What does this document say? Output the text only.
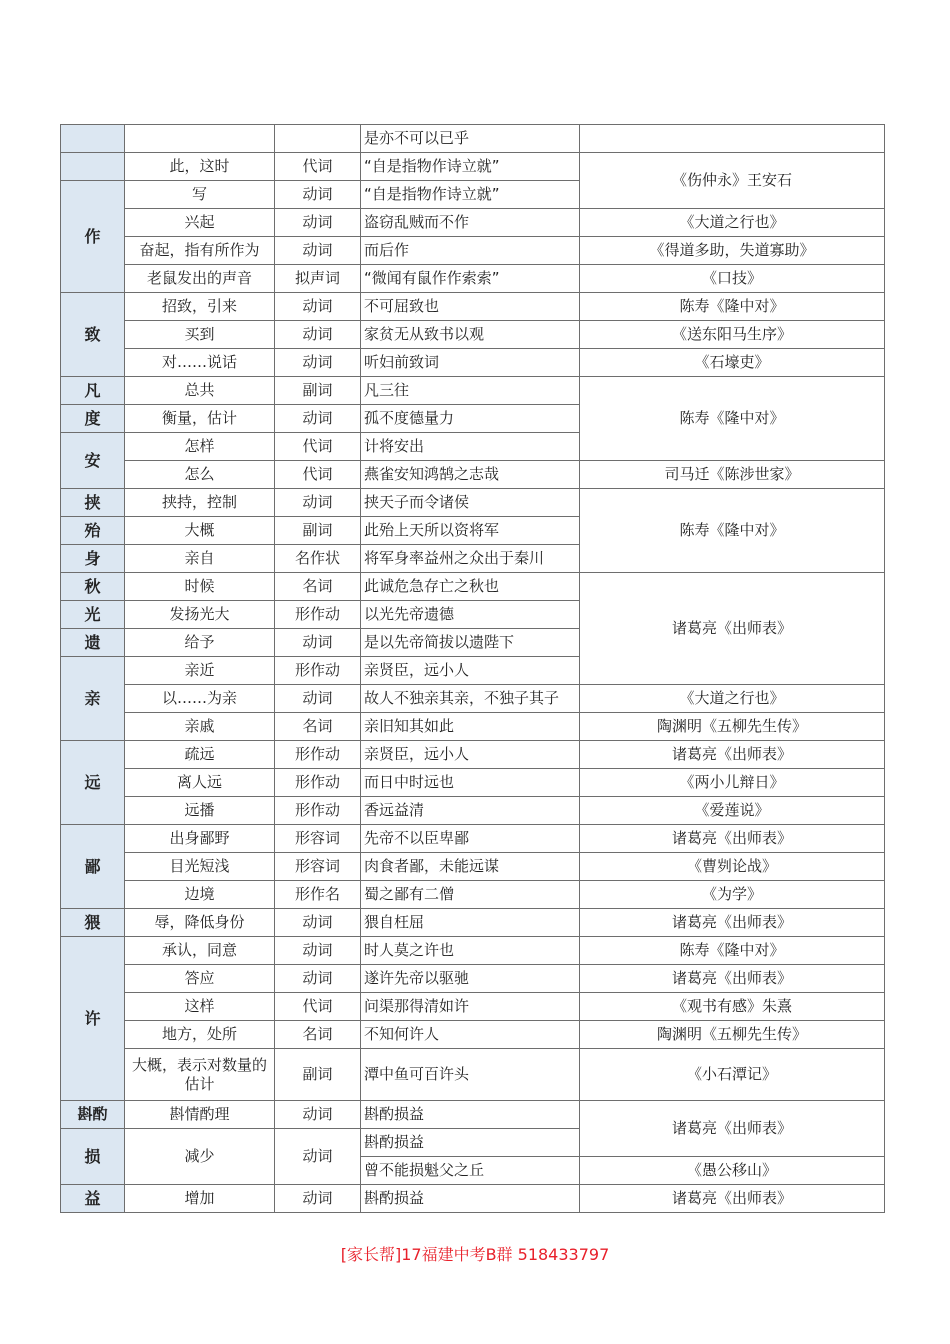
			是亦不可以已乎	
	此，这时	代词	“自是指物作诗立就”	《伤仲永》王安石
作	写	动词	“自是指物作诗立就”	
	兴起	动词	盗窃乱贼而不作	《大道之行也》
	奋起，指有所作为	动词	而后作	《得道多助，失道寡助》
	老鼠发出的声音	拟声词	“微闻有鼠作作索索”	《口技》
致	招致，引来	动词	不可屈致也	陈寿《隆中对》
	买到	动词	家贫无从致书以观	《送东阳马生序》
	对……说话	动词	听妇前致词	《石壕吏》
凡	总共	副词	凡三往	陈寿《隆中对》
度	衡量，估计	动词	孤不度德量力	
安	怎样	代词	计将安出	
	怎么	代词	燕雀安知鸿鹄之志哉	司马迁《陈涉世家》
挟	挟持，控制	动词	挟天子而令诸侯	陈寿《隆中对》
殆	大概	副词	此殆上天所以资将军	
身	亲自	名作状	将军身率益州之众出于秦川	
秋	时候	名词	此诚危急存亡之秋也	诸葛亮《出师表》
光	发扬光大	形作动	以光先帝遗德	
遗	给予	动词	是以先帝简拔以遗陛下	
亲	亲近	形作动	亲贤臣，远小人	
	以……为亲	动词	故人不独亲其亲，不独子其子	《大道之行也》
	亲戚	名词	亲旧知其如此	陶渊明《五柳先生传》
远	疏远	形作动	亲贤臣，远小人	诸葛亮《出师表》
	离人远	形作动	而日中时远也	《两小儿辩日》
	远播	形作动	香远益清	《爱莲说》
鄙	出身鄙野	形容词	先帝不以臣卑鄙	诸葛亮《出师表》
	目光短浅	形容词	肉食者鄙，未能远谋	《曹刿论战》
	边境	形作名	蜀之鄙有二僧	《为学》
猥	辱，降低身份	动词	猥自枉屈	诸葛亮《出师表》
许	承认，同意	动词	时人莫之许也	陈寿《隆中对》
	答应	动词	遂许先帝以驱驰	诸葛亮《出师表》
	这样	代词	问渠那得清如许	《观书有感》朱熹
	地方，处所	名词	不知何许人	陶渊明《五柳先生传》
	大概，表示对数量的估计	副词	潭中鱼可百许头	《小石潭记》
斟酌	斟情酌理	动词	斟酌损益	诸葛亮《出师表》
损	减少	动词	斟酌损益	
			曾不能损魁父之丘	《愚公移山》
益	增加	动词	斟酌损益	诸葛亮《出师表》
[家长帮]17福建中考B群 518433797
